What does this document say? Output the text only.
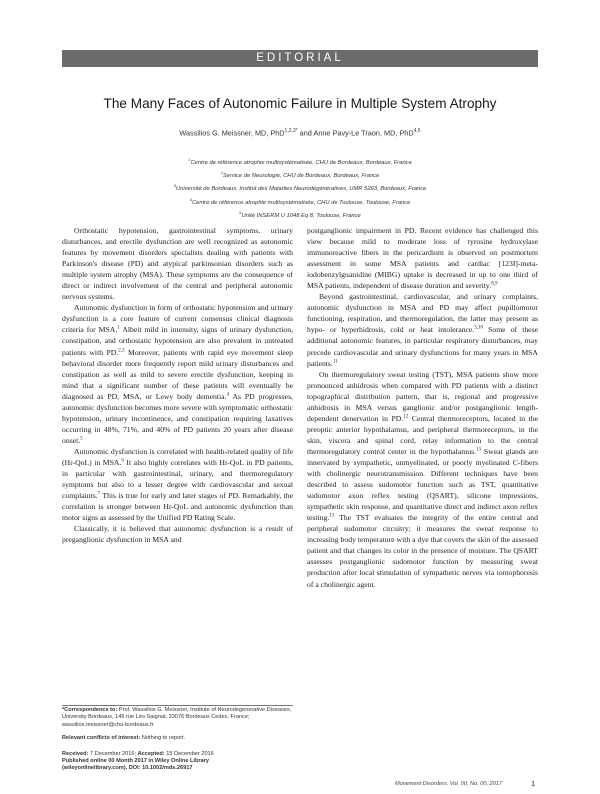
EDITORIAL
The Many Faces of Autonomic Failure in Multiple System Atrophy
Wassilios G. Meissner, MD, PhD$^{1,2,3*}$ and Anne Pavy-Le Traon, MD, PhD$^{4,5}$
$^1$Centre de référence atrophie multisystématisée, CHU de Bordeaux, Bordeaux, France
$^2$Service de Neurologie, CHU de Bordeaux, Bordeaux, France
$^3$Université de Bordeaux, Institut des Maladies Neurodégénératives, UMR 5293, Bordeaux, France
$^4$Centre de référence atrophie multisystématisée, CHU de Toulouse, Toulouse, France
$^5$Unité INSERM U 1048 Eq 8, Toulouse, France

Orthostatic hypotension, gastrointestinal symptoms, urinary disturbances, and erectile dysfunction are well recognized as autonomic features by movement disorders specialists dealing with patients with Parkinson's disease (PD) and atypical parkinsonian disorders such as multiple system atrophy (MSA). These symptoms are the consequence of direct or indirect involvement of the central and peripheral autonomic nervous systems.

Autonomic dysfunction in form of orthostatic hypotension and urinary dysfunction is a core feature of current consensus clinical diagnosis criteria for MSA.$^1$ Albeit mild in intensity, signs of urinary dysfunction, constipation, and orthostatic hypotension are also prevalent in untreated patients with PD.$^{2,3}$ Moreover, patients with rapid eye movement sleep behavioral disorder more frequently report mild urinary disturbances and constipation as well as mild to severe erectile dysfunction, keeping in mind that a significant number of these patients will eventually be diagnosed as PD, MSA, or Lewy body dementia.$^4$ As PD progresses, autonomic dysfunction becomes more severe with symptomatic orthostatic hypotension, urinary incontinence, and constipation requiring laxatives occurring in 48%, 71%, and 40% of PD patients 20 years after disease onset.$^5$

Autonomic dysfunction is correlated with health-related quality of life (Hr-QoL) in MSA.$^6$ It also highly correlates with Hr-QoL in PD patients, in particular with gastrointestinal, urinary, and thermoregulatory symptoms but also to a lesser degree with cardiovascular and sexual complaints.$^7$ This is true for early and later stages of PD. Remarkably, the correlation is stronger between Hr-QoL and autonomic dysfunction than motor signs as assessed by the Unified PD Rating Scale.

Classically, it is believed that autonomic dysfunction is a result of preganglionic dysfunction in MSA and

postganglionic impairment in PD. Recent evidence has challenged this view because mild to moderate loss of tyrosine hydroxylase immunoreactive fibers in the pericardium is observed on postmortem assessment in some MSA patients and cardiac [123I]-meta-iodobenzylguanidine (MIBG) uptake is decreased in up to one third of MSA patients, independent of disease duration and severity.$^{8,9}$

Beyond gastrointestinal, cardiovascular, and urinary complaints, autonomic dysfunction in MSA and PD may affect pupillomotor functioning, respiration, and thermoregulation, the latter may present as hypo- or hyperhidrosis, cold or heat intolerance.$^{3,10}$ Some of these additional autonomic features, in particular respiratory disturbances, may precede cardiovascular and urinary dysfunctions for many years in MSA patients.$^{11}$

On thermoregulatory sweat testing (TST), MSA patients show more pronounced anhidrosis when compared with PD patients with a distinct topographical distribution pattern, that is, regional and progressive anhidrosis in MSA versus ganglionic and/or postganglionic length-dependent denervation in PD.$^{12}$ Central thermoreceptors, located in the preoptic anterior hypothalamus, and peripheral thermoreceptors, in the skin, viscera and spinal cord, relay information to the central thermoregulatory control center in the hypothalamus.$^{13}$ Sweat glands are innervated by sympathetic, unmyelinated, or poorly myelinated C-fibers with cholinergic neurotransmission. Different techniques have been described to assess sudomotor function such as TST, quantitative sudomotor axon reflex testing (QSART), silicone impressions, sympathetic skin response, and quantitative direct and indirect axon reflex testing.$^{13}$ The TST evaluates the integrity of the entire central and peripheral sudomotor circuitry; it measures the sweat response to increasing body temperature with a dye that covers the skin of the assessed patient and that changes its color in the presence of moisture. The QSART assesses postganglionic sudomotor function by measuring sweat production after local stimulation of sympathetic nerves via iontophoresis of a cholinergic agent.

*Correspondence to: Prof. Wassilios G. Meissner, Institute of Neurodegenerative Diseases, University Bordeaux, 146 rue Léo Saignat, 33076 Bordeaux Cedex, France; wassilios.meissner@chu-bordeaux.fr
Relevant conflicts of interest: Nothing to report.
Received: 7 December 2016; Accepted: 15 December 2016
Published online 00 Month 2017 in Wiley Online Library
(wileyonlinelibrary.com). DOI: 10.1002/mds.26917
Movement Disorders, Vol. 00, No. 00, 2017	1
